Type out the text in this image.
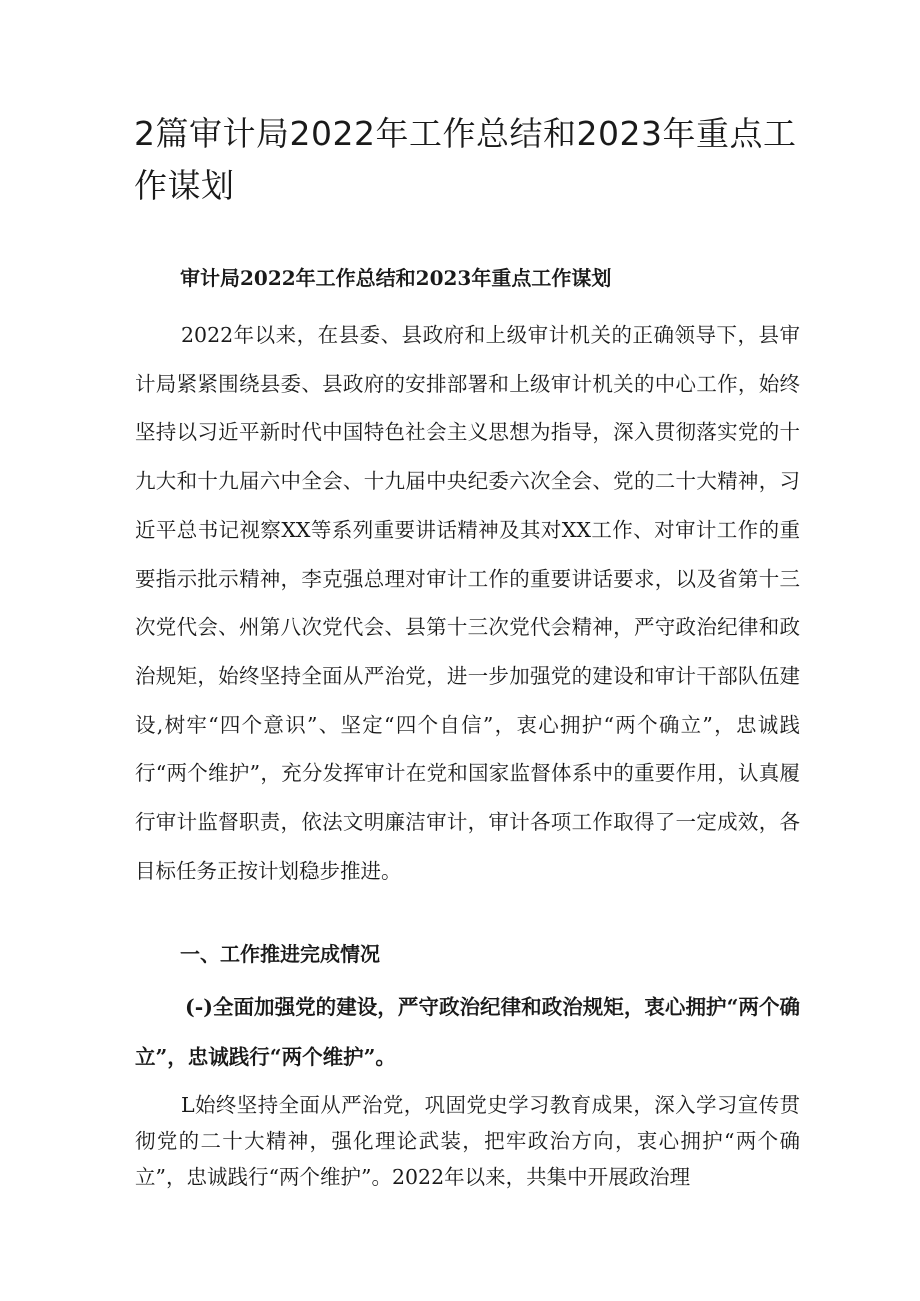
2篇审计局2022年工作总结和2023年重点工作谋划

审计局2022年工作总结和2023年重点工作谋划

2022年以来，在县委、县政府和上级审计机关的正确领导下，县审计局紧紧围绕县委、县政府的安排部署和上级审计机关的中心工作，始终坚持以习近平新时代中国特色社会主义思想为指导，深入贯彻落实党的十九大和十九届六中全会、十九届中央纪委六次全会、党的二十大精神，习近平总书记视察XX等系列重要讲话精神及其对XX工作、对审计工作的重要指示批示精神，李克强总理对审计工作的重要讲话要求，以及省第十三次党代会、州第八次党代会、县第十三次党代会精神，严守政治纪律和政治规矩，始终坚持全面从严治党，进一步加强党的建设和审计干部队伍建设,树牢“四个意识”、坚定“四个自信”，衷心拥护“两个确立”，忠诚践行“两个维护”，充分发挥审计在党和国家监督体系中的重要作用，认真履行审计监督职责，依法文明廉洁审计，审计各项工作取得了一定成效，各目标任务正按计划稳步推进。

一、工作推进完成情况

(-)全面加强党的建设，严守政治纪律和政治规矩，衷心拥护“两个确立”，忠诚践行“两个维护”。

L始终坚持全面从严治党，巩固党史学习教育成果，深入学习宣传贯彻党的二十大精神，强化理论武装，把牢政治方向，衷心拥护“两个确立”，忠诚践行“两个维护”。2022年以来，共集中开展政治理
